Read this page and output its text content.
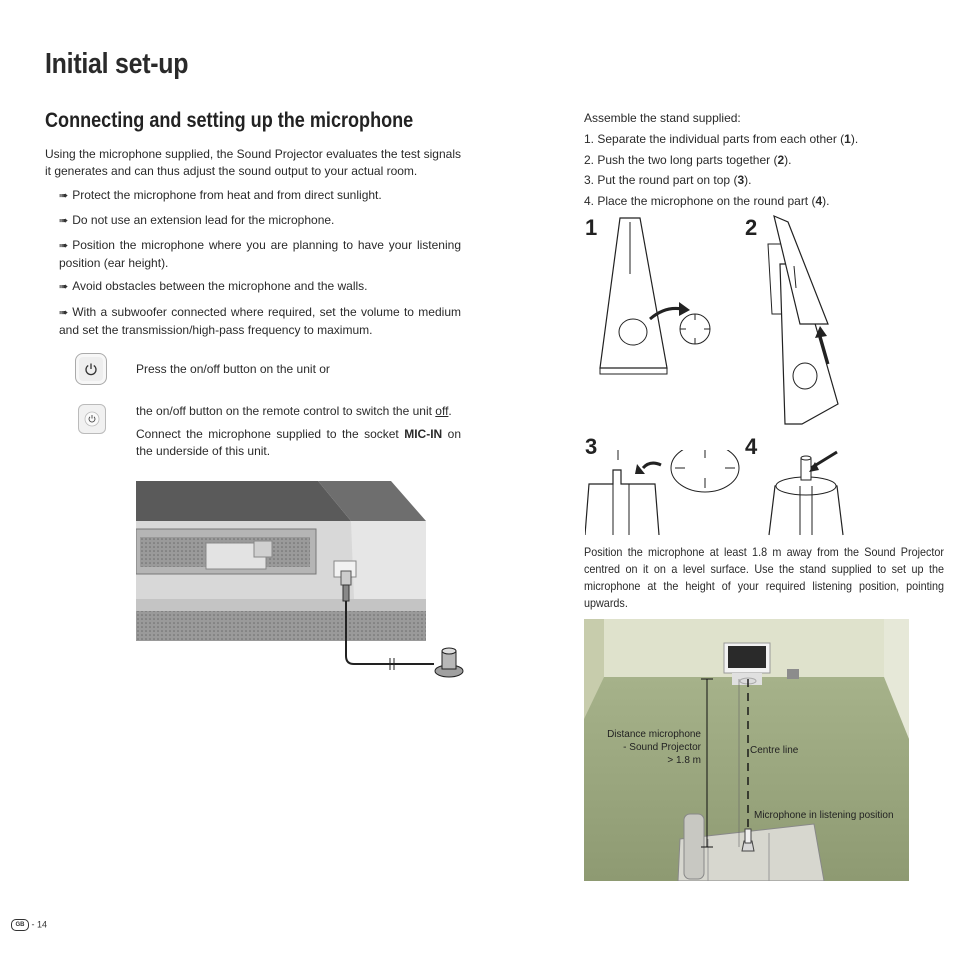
Initial set-up
Connecting and setting up the microphone
Using the microphone supplied, the Sound Projector evaluates the test signals it generates and can thus adjust the sound output to your actual room.
➠ Protect the microphone from heat and from direct sunlight.
➠ Do not use an extension lead for the microphone.
➠ Position the microphone where you are planning to have your listening position (ear height).
➠ Avoid obstacles between the microphone and the walls.
➠ With a subwoofer connected where required, set the volume to medium and set the transmission/high-pass frequency to maximum.
Press the on/off button on the unit or
the on/off button on the remote control to switch the unit off.
Connect the microphone supplied to the socket MIC-IN on the underside of this unit.
Assemble the stand supplied:
1. Separate the individual parts from each other (1).
2. Push the two long parts together (2).
3. Put the round part on top (3).
4. Place the microphone on the round part (4).
1	2
3	4
Position the microphone at least 1.8 m away from the Sound Projector centred on it on a level surface. Use the stand supplied to set up the microphone at the height of your required listening position, pointing upwards.
Distance microphone
- Sound Projector
> 1.8 m
Centre line
Microphone in listening position
GB - 14
